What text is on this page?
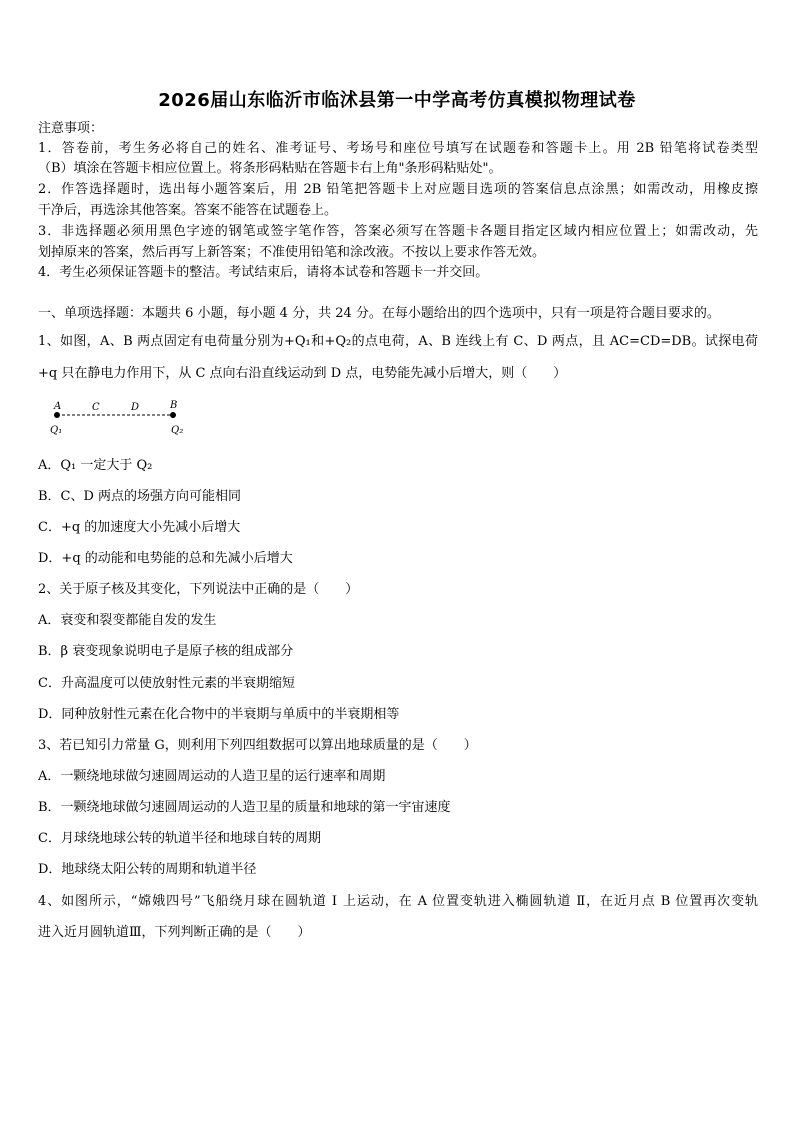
2026届山东临沂市临沭县第一中学高考仿真模拟物理试卷
注意事项：
1．答卷前，考生务必将自己的姓名、准考证号、考场号和座位号填写在试题卷和答题卡上。用 2B 铅笔将试卷类型
（B）填涂在答题卡相应位置上。将条形码粘贴在答题卡右上角"条形码粘贴处"。
2．作答选择题时，选出每小题答案后，用 2B 铅笔把答题卡上对应题目选项的答案信息点涂黑；如需改动，用橡皮擦
干净后，再选涂其他答案。答案不能答在试题卷上。
3．非选择题必须用黑色字迹的钢笔或签字笔作答，答案必须写在答题卡各题目指定区域内相应位置上；如需改动，先
划掉原来的答案，然后再写上新答案；不准使用铅笔和涂改液。不按以上要求作答无效。
4．考生必须保证答题卡的整洁。考试结束后，请将本试卷和答题卡一并交回。
一、单项选择题：本题共 6 小题，每小题 4 分，共 24 分。在每小题给出的四个选项中，只有一项是符合题目要求的。
1、如图，A、B 两点固定有电荷量分别为+Q₁和+Q₂的点电荷，A、B 连线上有 C、D 两点，且 AC=CD=DB。试探电荷
+q 只在静电力作用下，从 C 点向右沿直线运动到 D 点，电势能先减小后增大，则（　　）
A	C	D	B
Q₁	Q₂
A．Q₁ 一定大于 Q₂
B．C、D 两点的场强方向可能相同
C．+q 的加速度大小先减小后增大
D．+q 的动能和电势能的总和先减小后增大
2、关于原子核及其变化，下列说法中正确的是（　　）
A．衰变和裂变都能自发的发生
B．β 衰变现象说明电子是原子核的组成部分
C．升高温度可以使放射性元素的半衰期缩短
D．同种放射性元素在化合物中的半衰期与单质中的半衰期相等
3、若已知引力常量 G，则利用下列四组数据可以算出地球质量的是（　　）
A．一颗绕地球做匀速圆周运动的人造卫星的运行速率和周期
B．一颗绕地球做匀速圆周运动的人造卫星的质量和地球的第一宇宙速度
C．月球绕地球公转的轨道半径和地球自转的周期
D．地球绕太阳公转的周期和轨道半径
4、如图所示，“嫦娥四号”飞船绕月球在圆轨道 Ⅰ 上运动，在 A 位置变轨进入椭圆轨道 Ⅱ，在近月点 B 位置再次变轨
进入近月圆轨道Ⅲ，下列判断正确的是（　　）
